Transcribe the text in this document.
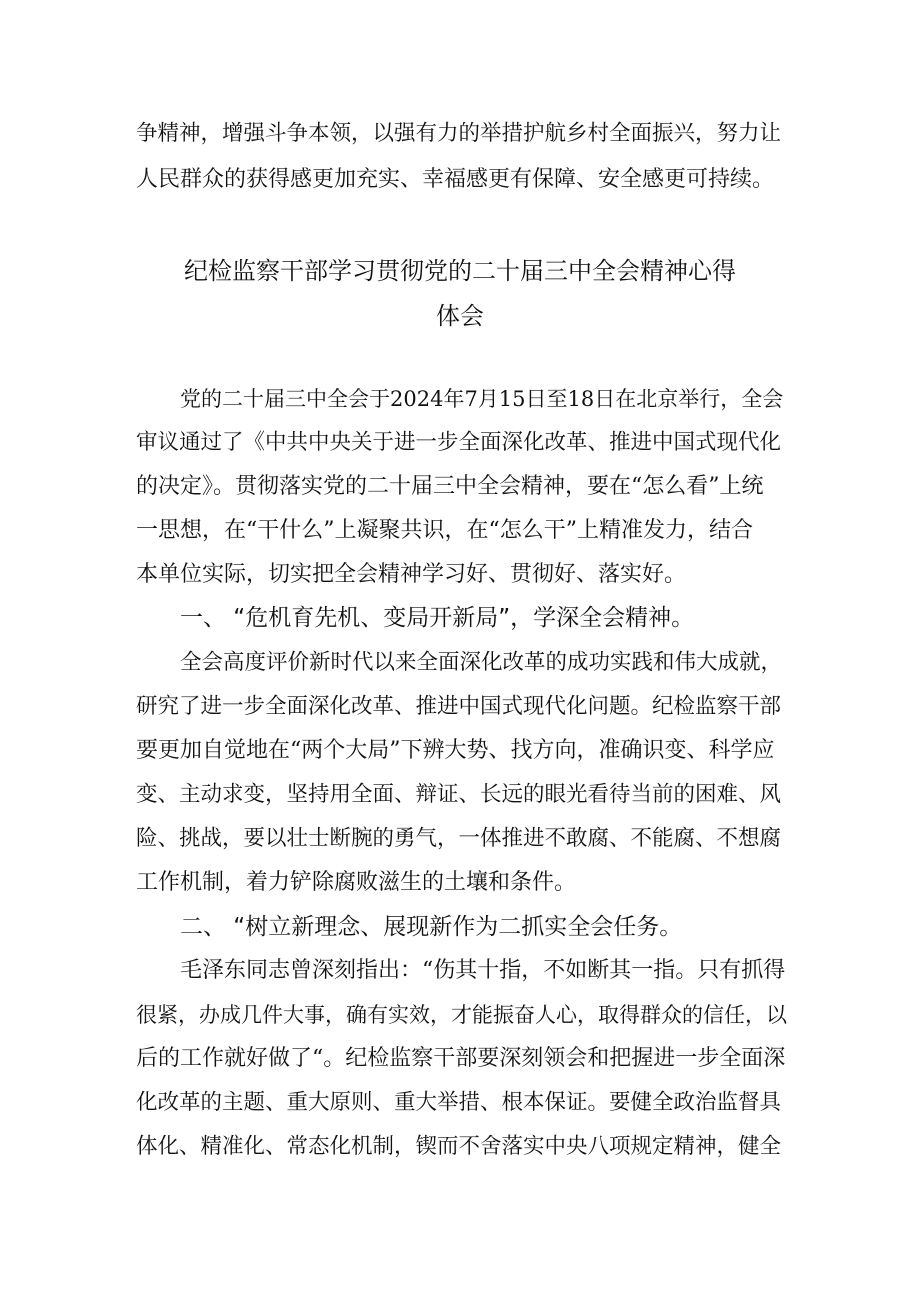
争精神，增强斗争本领，以强有力的举措护航乡村全面振兴，努力让
人民群众的获得感更加充实、幸福感更有保障、安全感更可持续。
纪检监察干部学习贯彻党的二十届三中全会精神心得
体会
党的二十届三中全会于2024年7月15日至18日在北京举行，全会
审议通过了《中共中央关于进一步全面深化改革、推进中国式现代化
的决定》。贯彻落实党的二十届三中全会精神，要在“怎么看”上统
一思想，在“干什么”上凝聚共识，在“怎么干”上精准发力，结合
本单位实际，切实把全会精神学习好、贯彻好、落实好。
一、 “危机育先机、变局开新局”，学深全会精神。
全会高度评价新时代以来全面深化改革的成功实践和伟大成就，
研究了进一步全面深化改革、推进中国式现代化问题。纪检监察干部
要更加自觉地在“两个大局”下辨大势、找方向，准确识变、科学应
变、主动求变，坚持用全面、辩证、长远的眼光看待当前的困难、风
险、挑战，要以壮士断腕的勇气，一体推进不敢腐、不能腐、不想腐
工作机制，着力铲除腐败滋生的土壤和条件。
二、 “树立新理念、展现新作为二抓实全会任务。
毛泽东同志曾深刻指出：“伤其十指，不如断其一指。只有抓得
很紧，办成几件大事，确有实效，才能振奋人心，取得群众的信任，以
后的工作就好做了“。纪检监察干部要深刻领会和把握进一步全面深
化改革的主题、重大原则、重大举措、根本保证。要健全政治监督具
体化、精准化、常态化机制，锲而不舍落实中央八项规定精神，健全
